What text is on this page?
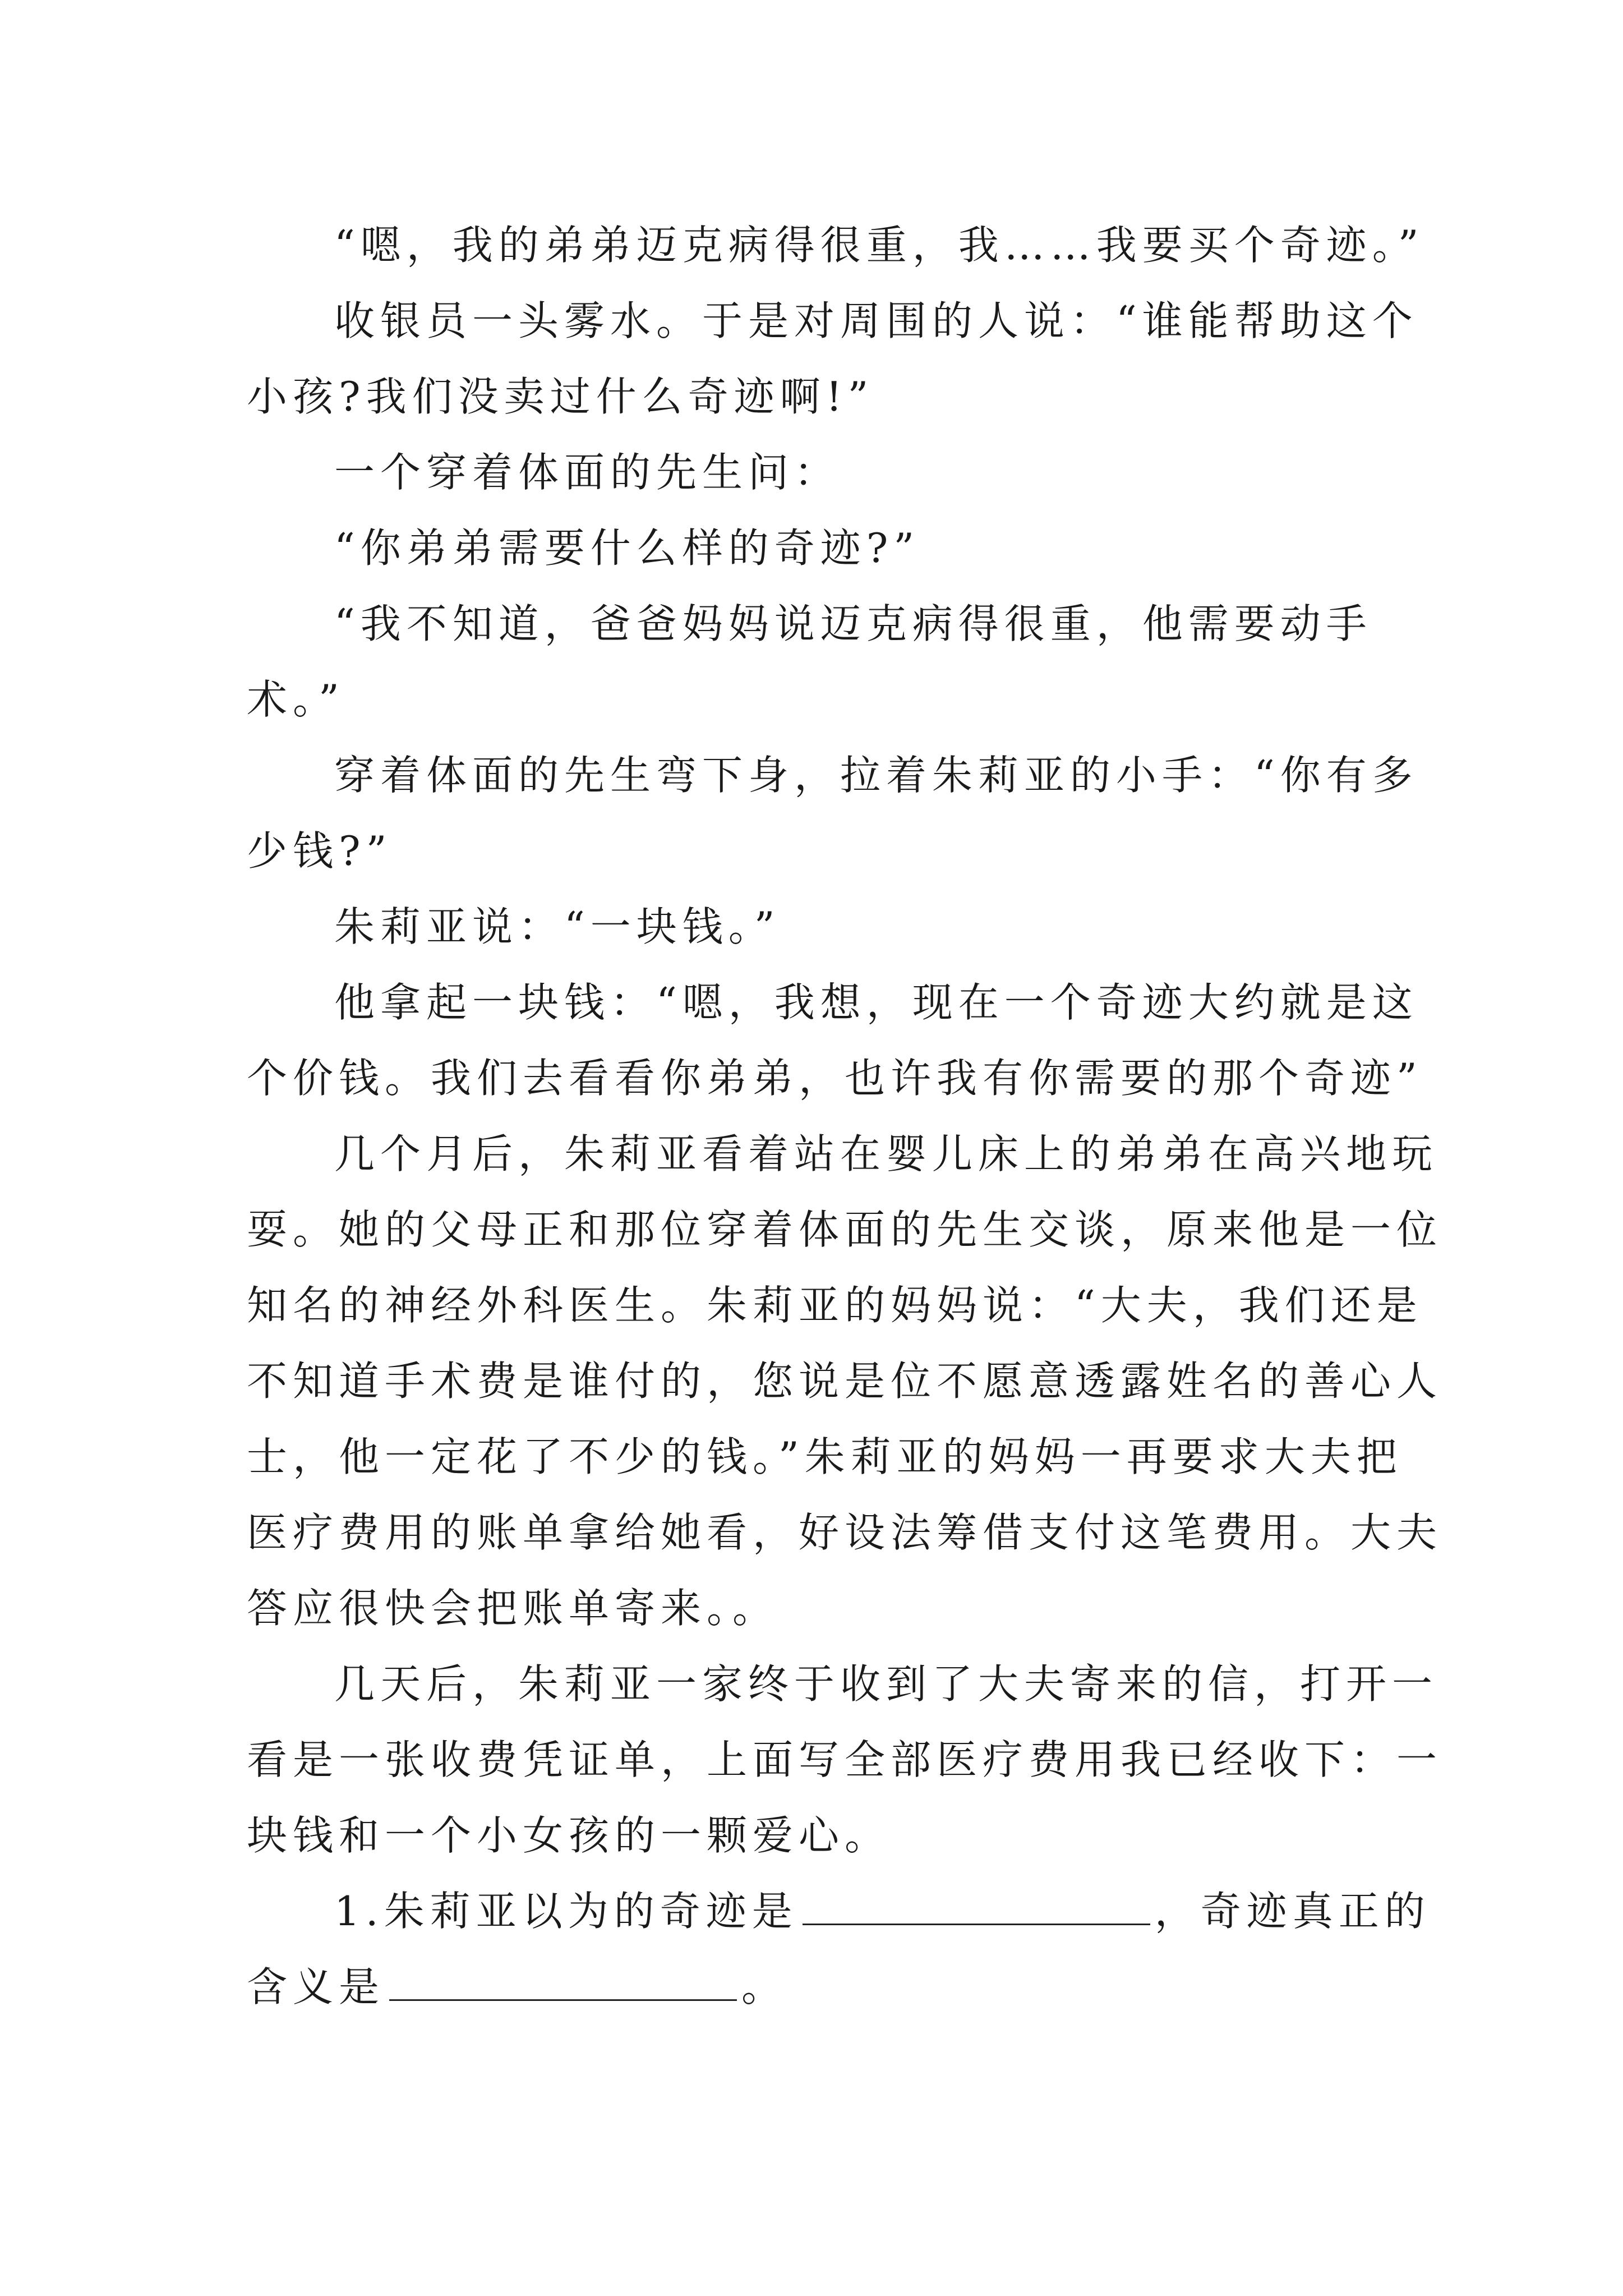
“嗯，我的弟弟迈克病得很重，我……我要买个奇迹。”
收银员一头雾水。于是对周围的人说：“谁能帮助这个
小孩?我们没卖过什么奇迹啊!”
一个穿着体面的先生问：
“你弟弟需要什么样的奇迹?”
“我不知道，爸爸妈妈说迈克病得很重，他需要动手
术。”
穿着体面的先生弯下身，拉着朱莉亚的小手：“你有多
少钱?”
朱莉亚说：“一块钱。”
他拿起一块钱：“嗯，我想，现在一个奇迹大约就是这
个价钱。我们去看看你弟弟，也许我有你需要的那个奇迹”
几个月后，朱莉亚看着站在婴儿床上的弟弟在高兴地玩
耍。她的父母正和那位穿着体面的先生交谈，原来他是一位
知名的神经外科医生。朱莉亚的妈妈说：“大夫，我们还是
不知道手术费是谁付的，您说是位不愿意透露姓名的善心人
士，他一定花了不少的钱。”朱莉亚的妈妈一再要求大夫把
医疗费用的账单拿给她看，好设法筹借支付这笔费用。大夫
答应很快会把账单寄来。。
几天后，朱莉亚一家终于收到了大夫寄来的信，打开一
看是一张收费凭证单，上面写全部医疗费用我已经收下：一
块钱和一个小女孩的一颗爱心。
1.朱莉亚以为的奇迹是	，奇迹真正的
含义是	。
